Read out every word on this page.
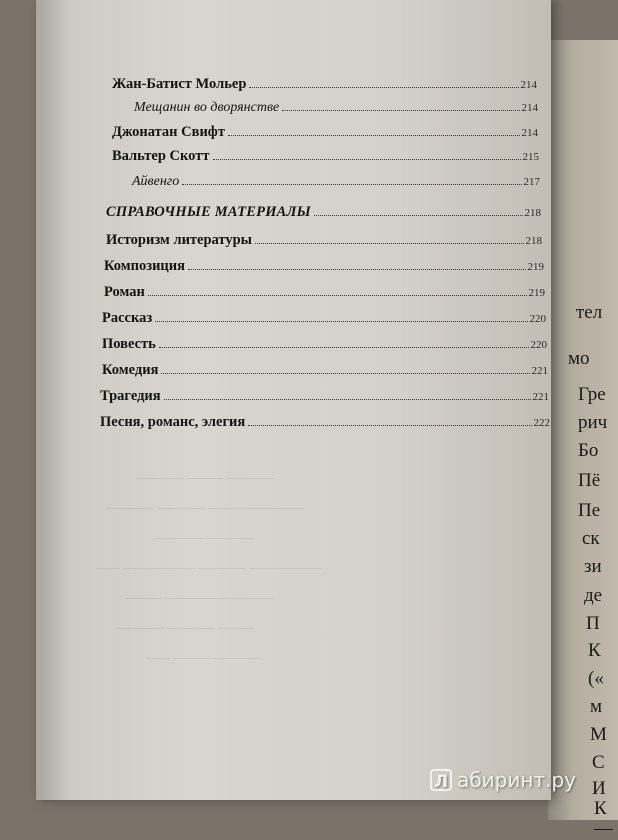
тел
мо
Гре
рич
Бо
Пё
Пе
ск
зи
де
П
К
(«
м
М
С
И
К
—
———— ——— ————
———————— ———— ————
———— ————
—————— ———— —————— ——
————————— ———
——— ———— ————
———— ——— ——
Жан-Батист Мольер	214
Мещанин во дворянстве	214
Джонатан Свифт	214
Вальтер Скотт	215
Айвенго	217
СПРАВОЧНЫЕ МАТЕРИАЛЫ	218
Историзм литературы	218
Композиция	219
Роман	219
Рассказ	220
Повесть	220
Комедия	221
Трагедия	221
Песня, романс, элегия	222
Л абиринт.ру
